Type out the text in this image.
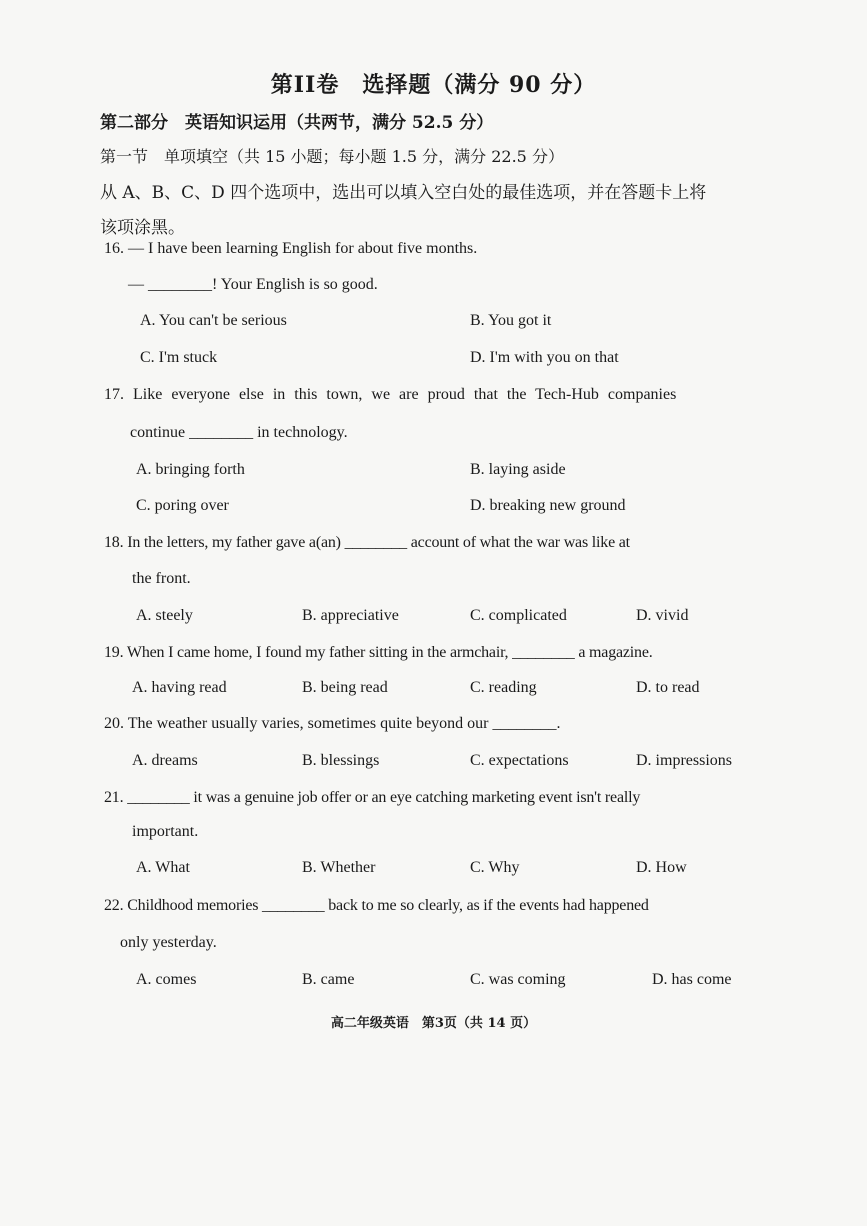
第II卷　选择题（满分 90 分）
第二部分　英语知识运用（共两节，满分 52.5 分）
第一节　单项填空（共 15 小题；每小题 1.5 分，满分 22.5 分）
从 A、B、C、D 四个选项中，选出可以填入空白处的最佳选项，并在答题卡上将
该项涂黑。
16. — I have been learning English for about five months.
— ________! Your English is so good.
A. You can't be serious	B. You got it
C. I'm stuck	D. I'm with you on that
17. Like everyone else in this town, we are proud that the Tech-Hub companies
continue ________ in technology.
A. bringing forth	B. laying aside
C. poring over	D. breaking new ground
18. In the letters, my father gave a(an) ________ account of what the war was like at
the front.
A. steely	B. appreciative	C. complicated	D. vivid
19. When I came home, I found my father sitting in the armchair, ________ a magazine.
A. having read	B. being read	C. reading	D. to read
20. The weather usually varies, sometimes quite beyond our ________.
A. dreams	B. blessings	C. expectations	D. impressions
21. ________ it was a genuine job offer or an eye catching marketing event isn't really
important.
A. What	B. Whether	C. Why	D. How
22. Childhood memories ________ back to me so clearly, as if the events had happened
only yesterday.
A. comes	B. came	C. was coming	D. has come
高二年级英语　第3页（共 14 页）
